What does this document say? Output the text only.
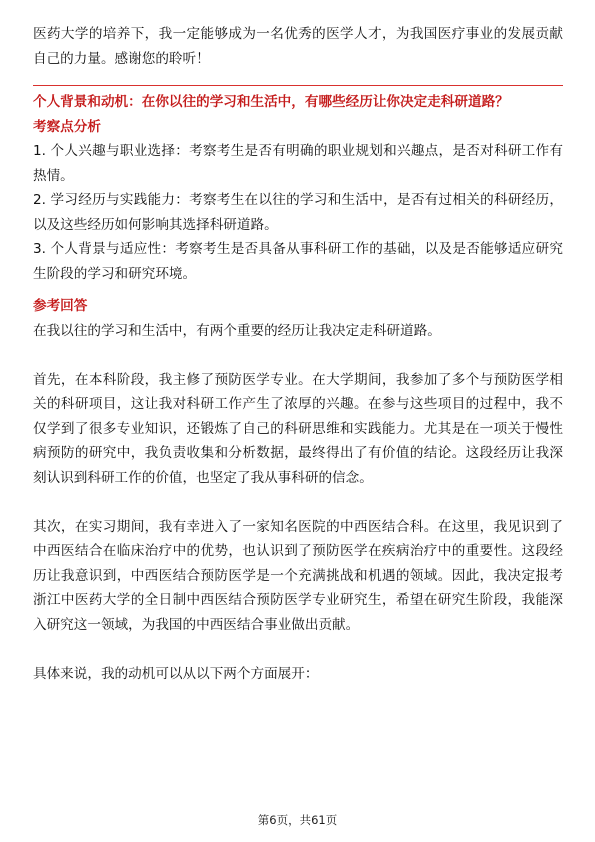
医药大学的培养下，我一定能够成为一名优秀的医学人才，为我国医疗事业的发展贡献自己的力量。感谢您的聆听！

个人背景和动机：在你以往的学习和生活中，有哪些经历让你决定走科研道路？

考察点分析

1. 个人兴趣与职业选择：考察考生是否有明确的职业规划和兴趣点，是否对科研工作有热情。

2. 学习经历与实践能力：考察考生在以往的学习和生活中，是否有过相关的科研经历，以及这些经历如何影响其选择科研道路。

3. 个人背景与适应性：考察考生是否具备从事科研工作的基础，以及是否能够适应研究生阶段的学习和研究环境。

参考回答

在我以往的学习和生活中，有两个重要的经历让我决定走科研道路。

首先，在本科阶段，我主修了预防医学专业。在大学期间，我参加了多个与预防医学相关的科研项目，这让我对科研工作产生了浓厚的兴趣。在参与这些项目的过程中，我不仅学到了很多专业知识，还锻炼了自己的科研思维和实践能力。尤其是在一项关于慢性病预防的研究中，我负责收集和分析数据，最终得出了有价值的结论。这段经历让我深刻认识到科研工作的价值，也坚定了我从事科研的信念。

其次，在实习期间，我有幸进入了一家知名医院的中西医结合科。在这里，我见识到了中西医结合在临床治疗中的优势，也认识到了预防医学在疾病治疗中的重要性。这段经历让我意识到，中西医结合预防医学是一个充满挑战和机遇的领域。因此，我决定报考浙江中医药大学的全日制中西医结合预防医学专业研究生，希望在研究生阶段，我能深入研究这一领域，为我国的中西医结合事业做出贡献。

具体来说，我的动机可以从以下两个方面展开：

第6页，共61页
